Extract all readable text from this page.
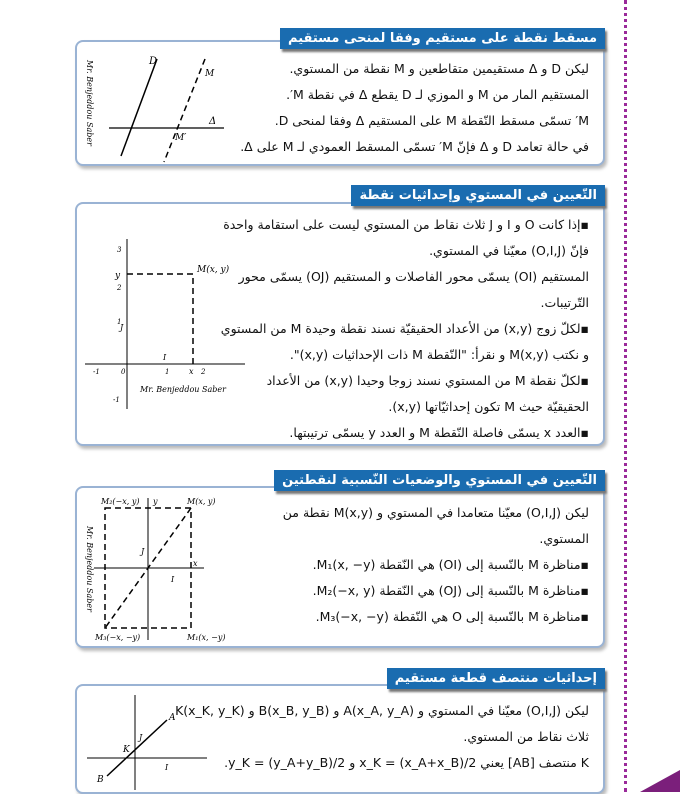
Mr. Benjeddou Saber	D
M
M′
Δ

ليكن D و Δ مستقيمين متقاطعين و M نقطة من المستوي.

المستقيم المار من M و الموزي لـ D يقطع Δ في نقطة M′.

M′ تسمّى مسقط النّقطة M على المستقيم Δ وفقا لمنحى D.

في حالة تعامد D و Δ فإنّ M′ تسمّى المسقط العمودي لـ M على Δ.

مسقط نقطة على مستقيم وفقا لمنحى مستقيم
M(x, y)
y
x
I
J
0
-1	1	2
3
2
1
-1
Mr. Benjeddou Saber

▪إذا كانت O و I و J ثلاث نقاط من المستوي ليست على استقامة واحدة

فإنّ (O,I,J) معيّنا في المستوي.

المستقيم (OI) يسمّى محور الفاصلات و المستقيم (OJ) يسمّى محور

التّرتيبات.

▪لكلّ زوج (x,y) من الأعداد الحقيقيّة نسند نقطة وحيدة M من المستوي

و نكتب M(x,y) و نقرأ: "النّقطة M ذات الإحداثيات (x,y)".

▪لكلّ نقطة M من المستوي نسند زوجا وحيدا (x,y) من الأعداد

الحقيقيّة حيث M تكون إحداثيّاتها (x,y).

▪العدد x يسمّى فاصلة النّقطة M و العدد y يسمّى ترتيبتها.

التّعيين في المستوي وإحداثيات نقطة
Mr. Benjeddou Saber
M₂(−x, y)	M(x, y)
M₁(x, −y)
M₃(−x, −y)
I
J
x
y

ليكن (O,I,J) معيّنا متعامدا في المستوي و M(x,y) نقطة من

المستوي.

▪مناظرة M بالنّسبة إلى (OI) هي النّقطة M₁(x, −y).

▪مناظرة M بالنّسبة إلى (OJ) هي النّقطة M₂(−x, y).

▪مناظرة M بالنّسبة إلى O هي النّقطة M₃(−x, −y).

التّعيين في المستوي والوضعيات النّسبية لنقطتين
A
B
K
I
J

ليكن (O,I,J) معيّنا في المستوي و A(x_A, y_A) و B(x_B, y_B) و K(x_K, y_K)

ثلاث نقاط من المستوي.

K منتصف [AB] يعني x_K = (x_A+x_B)/2 و y_K = (y_A+y_B)/2.

إحداثيات منتصف قطعة مستقيم
